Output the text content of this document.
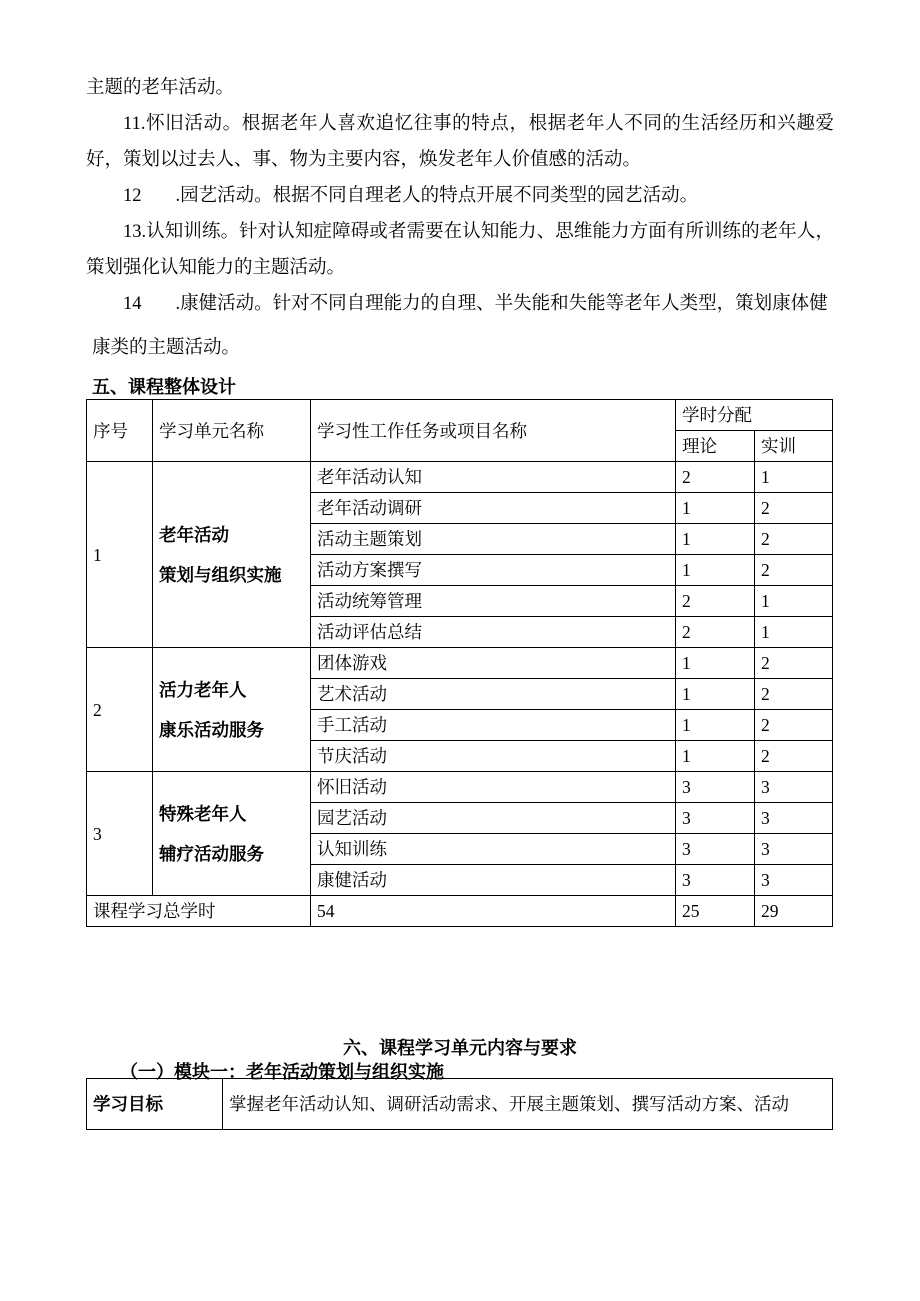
主题的老年活动。
11.怀旧活动。根据老年人喜欢追忆往事的特点，根据老年人不同的生活经历和兴趣爱好，策划以过去人、事、物为主要内容，焕发老年人价值感的活动。
12 .园艺活动。根据不同自理老人的特点开展不同类型的园艺活动。
13.认知训练。针对认知症障碍或者需要在认知能力、思维能力方面有所训练的老年人，策划强化认知能力的主题活动。
14 .康健活动。针对不同自理能力的自理、半失能和失能等老年人类型，策划康体健
康类的主题活动。
五、课程整体设计
序号	学习单元名称	学习性工作任务或项目名称	学时分配	
			理论	实训
1	老年活动
策划与组织实施	老年活动认知	2	1
		老年活动调研	1	2
		活动主题策划	1	2
		活动方案撰写	1	2
		活动统筹管理	2	1
		活动评估总结	2	1
2	活力老年人
康乐活动服务	团体游戏	1	2
		艺术活动	1	2
		手工活动	1	2
		节庆活动	1	2
3	特殊老年人
辅疗活动服务	怀旧活动	3	3
		园艺活动	3	3
		认知训练	3	3
		康健活动	3	3
课程学习总学时		54	25	29
六、课程学习单元内容与要求
（一）模块一：老年活动策划与组织实施
学习目标	掌握老年活动认知、调研活动需求、开展主题策划、撰写活动方案、活动
